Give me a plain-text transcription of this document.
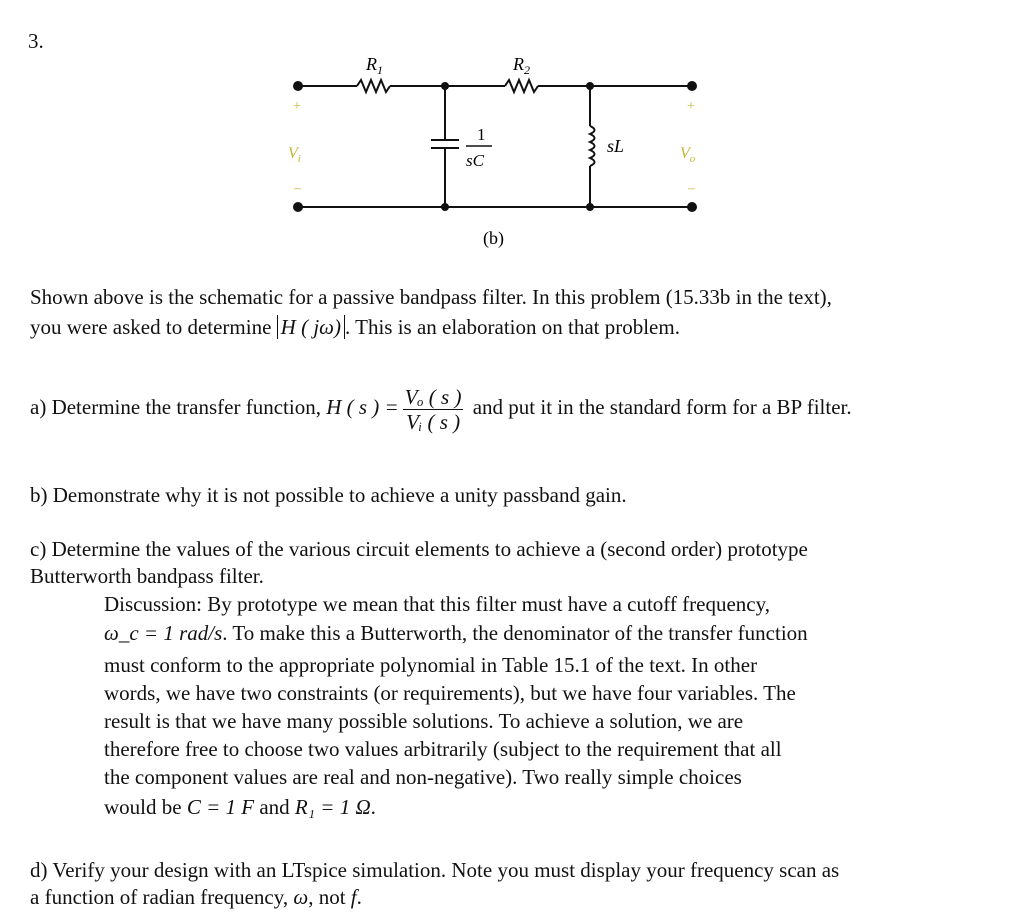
3.
$R_1$	$R_2$
1
sC
sL
+
$V_i$
–
+
$V_o$
–
(b)
Shown above is the schematic for a passive bandpass filter. In this problem (15.33b in the text),
you were asked to determine H ( jω) . This is an elaboration on that problem.
a) Determine the transfer function, H ( s ) = $\frac{\text{Vₒ ( s )}}{\text{Vᵢ ( s )}}$ and put it in the standard form for a BP filter.
b) Demonstrate why it is not possible to achieve a unity passband gain.
c) Determine the values of the various circuit elements to achieve a (second order) prototype
Butterworth bandpass filter.
Discussion: By prototype we mean that this filter must have a cutoff frequency,
ω_c = 1 rad/s. To make this a Butterworth, the denominator of the transfer function
must conform to the appropriate polynomial in Table 15.1 of the text. In other
words, we have two constraints (or requirements), but we have four variables. The
result is that we have many possible solutions. To achieve a solution, we are
therefore free to choose two values arbitrarily (subject to the requirement that all
the component values are real and non-negative). Two really simple choices
would be C = 1 F and R₁ = 1 Ω.
d) Verify your design with an LTspice simulation. Note you must display your frequency scan as
a function of radian frequency, ω, not f.
